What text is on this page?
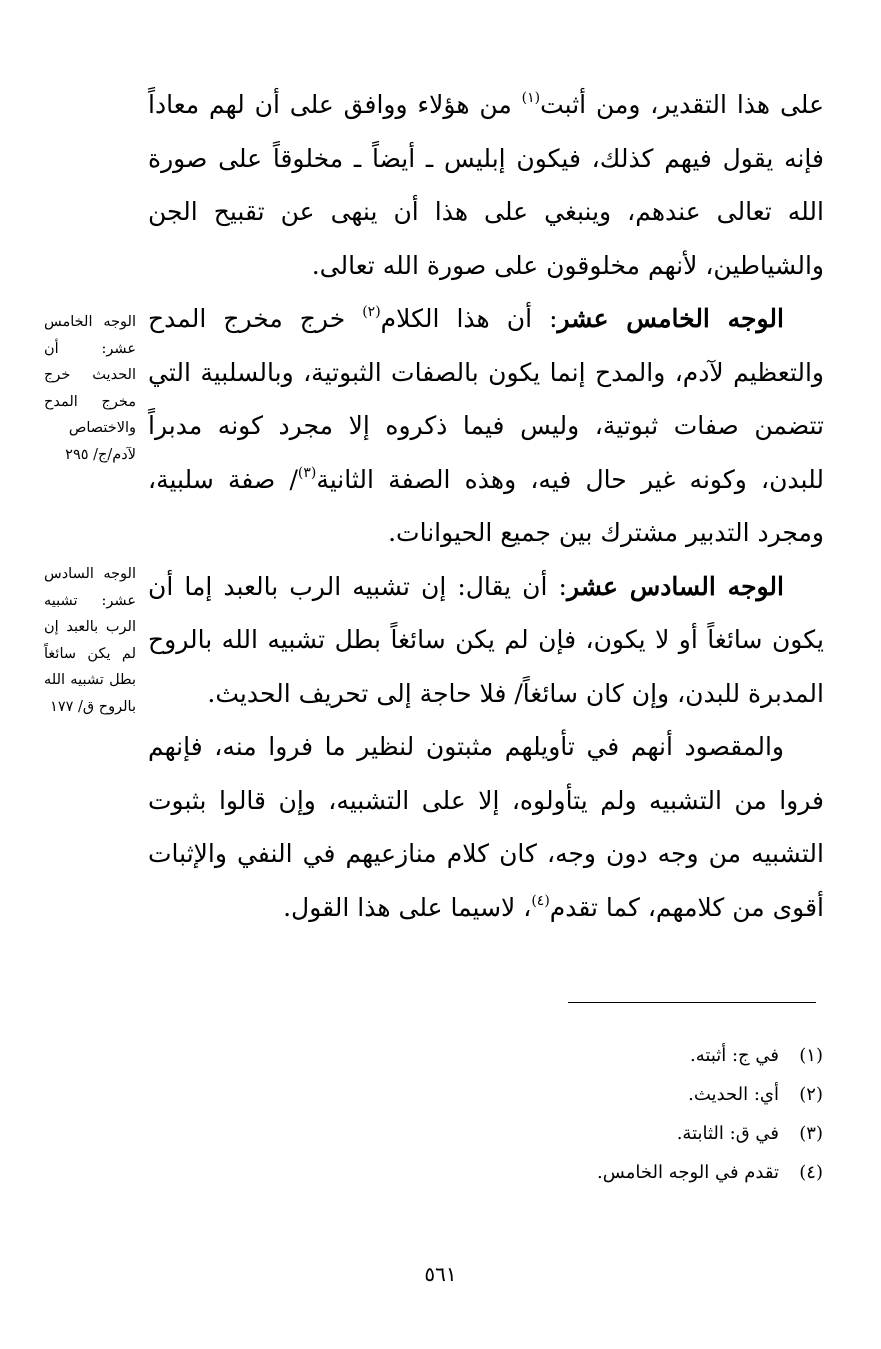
على هذا التقدير، ومن أثبت$^{(١)}$ من هؤلاء ووافق على أن لهم معاداً فإنه يقول فيهم كذلك، فيكون إبليس ـ أيضاً ـ مخلوقاً على صورة الله تعالى عندهم، وينبغي على هذا أن ينهى عن تقبيح الجن والشياطين، لأنهم مخلوقون على صورة الله تعالى.

الوجه الخامس عشر: أن هذا الكلام$^{(٢)}$ خرج مخرج المدح والتعظيم لآدم، والمدح إنما يكون بالصفات الثبوتية، وبالسلبية التي تتضمن صفات ثبوتية، وليس فيما ذكروه إلا مجرد كونه مدبراً للبدن، وكونه غير حال فيه، وهذه الصفة الثانية$^{(٣)}$/ صفة سلبية، ومجرد التدبير مشترك بين جميع الحيوانات.

الوجه السادس عشر: أن يقال: إن تشبيه الرب بالعبد إما أن يكون سائغاً أو لا يكون، فإن لم يكن سائغاً بطل تشبيه الله بالروح المدبرة للبدن، وإن كان سائغاً/ فلا حاجة إلى تحريف الحديث.

والمقصود أنهم في تأويلهم مثبتون لنظير ما فروا منه، فإنهم فروا من التشبيه ولم يتأولوه، إلا على التشبيه، وإن قالوا بثبوت التشبيه من وجه دون وجه، كان كلام منازعيهم في النفي والإثبات أقوى من كلامهم، كما تقدم$^{(٤)}$، لاسيما على هذا القول.

الوجه الخامس عشر: أن الحديث خرج مخرج المدح والاختصاص لآدم/ج/ ٢٩٥
الوجه السادس عشر: تشبيه الرب بالعبد إن لم يكن سائغاً بطل تشبيه الله بالروح ق/ ١٧٧
(١)في ج: أثبته.
(٢)أي: الحديث.
(٣)في ق: الثابتة.
(٤)تقدم في الوجه الخامس.
٥٦١
